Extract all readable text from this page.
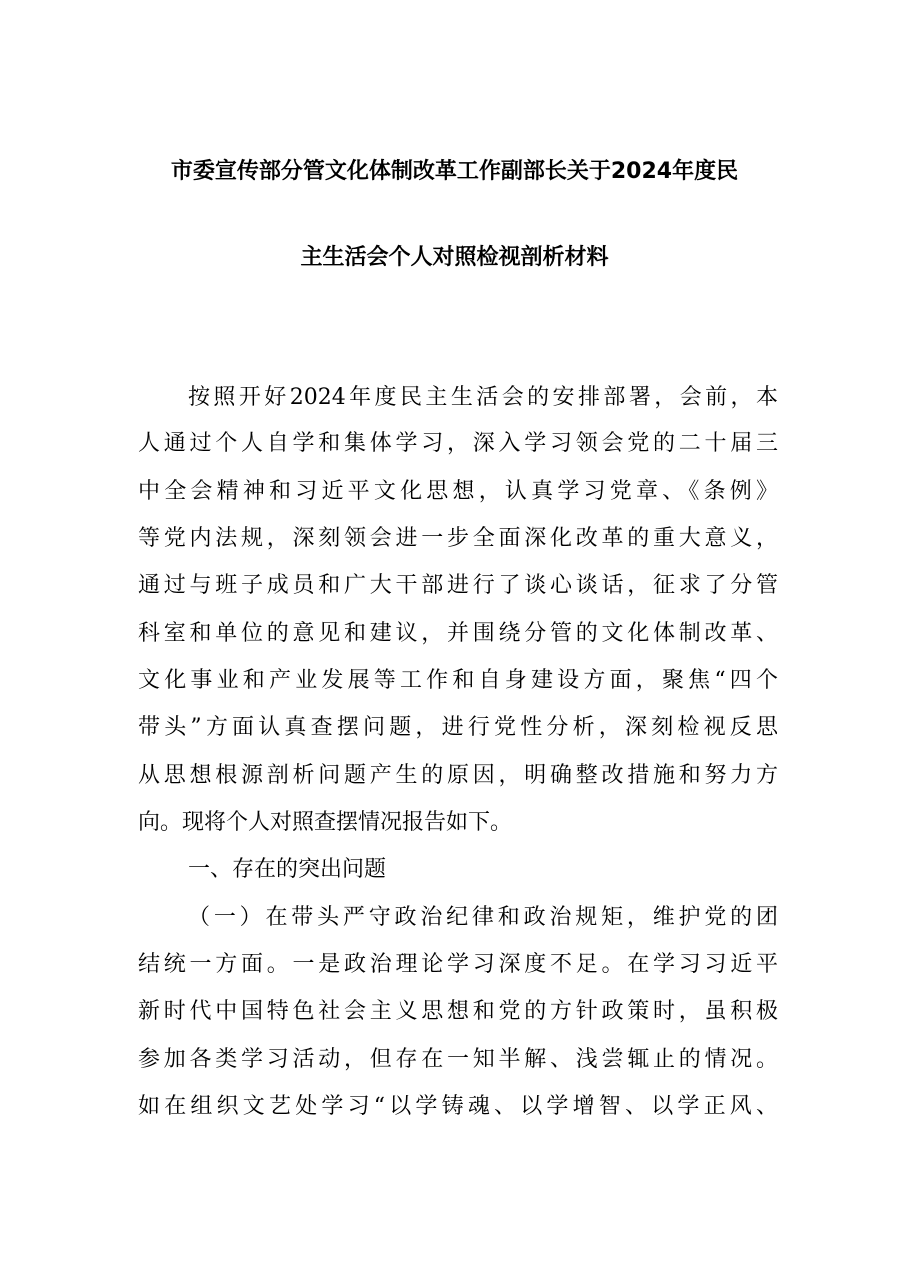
市委宣传部分管文化体制改革工作副部长关于2024年度民
主生活会个人对照检视剖析材料
按照开好2024年度民主生活会的安排部署，会前，本
人通过个人自学和集体学习，深入学习领会党的二十届三
中全会精神和习近平文化思想，认真学习党章、《条例》
等党内法规，深刻领会进一步全面深化改革的重大意义，
通过与班子成员和广大干部进行了谈心谈话，征求了分管
科室和单位的意见和建议，并围绕分管的文化体制改革、
文化事业和产业发展等工作和自身建设方面，聚焦“四个
带头”方面认真查摆问题，进行党性分析，深刻检视反思
从思想根源剖析问题产生的原因，明确整改措施和努力方
向。现将个人对照查摆情况报告如下。
一、存在的突出问题
（一）在带头严守政治纪律和政治规矩，维护党的团
结统一方面。一是政治理论学习深度不足。在学习习近平
新时代中国特色社会主义思想和党的方针政策时，虽积极
参加各类学习活动，但存在一知半解、浅尝辄止的情况。
如在组织文艺处学习“以学铸魂、以学增智、以学正风、
